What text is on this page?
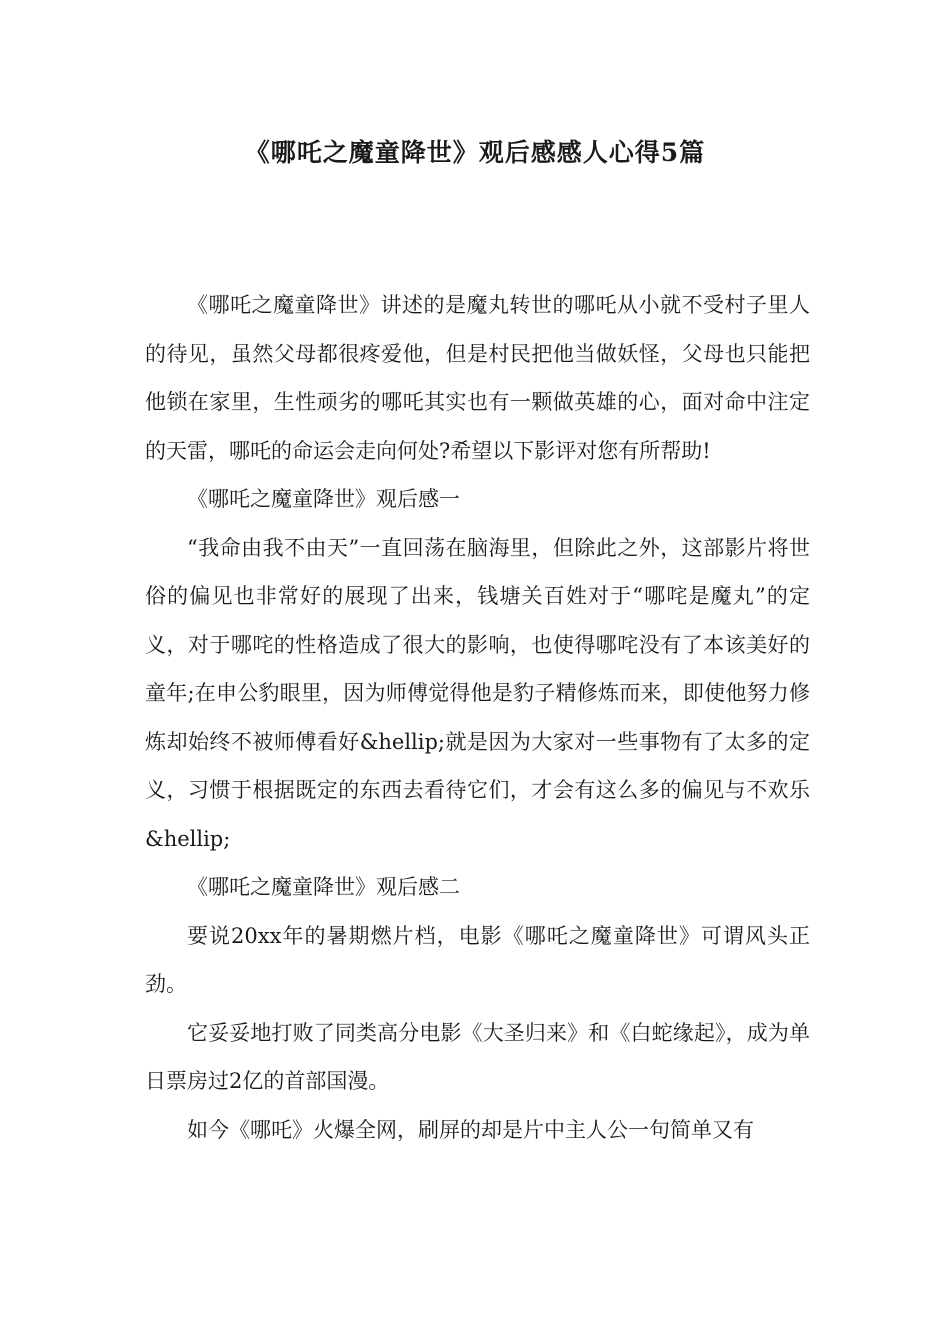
《哪吒之魔童降世》观后感感人心得5篇

《哪吒之魔童降世》讲述的是魔丸转世的哪吒从小就不受村子里人的待见，虽然父母都很疼爱他，但是村民把他当做妖怪，父母也只能把他锁在家里，生性顽劣的哪吒其实也有一颗做英雄的心，面对命中注定的天雷，哪吒的命运会走向何处?希望以下影评对您有所帮助!

《哪吒之魔童降世》观后感一

“我命由我不由天”一直回荡在脑海里，但除此之外，这部影片将世俗的偏见也非常好的展现了出来，钱塘关百姓对于“哪咤是魔丸”的定义，对于哪咤的性格造成了很大的影响，也使得哪咤没有了本该美好的童年;在申公豹眼里，因为师傅觉得他是豹子精修炼而来，即使他努力修炼却始终不被师傅看好&hellip;就是因为大家对一些事物有了太多的定义，习惯于根据既定的东西去看待它们，才会有这么多的偏见与不欢乐&hellip;

《哪吒之魔童降世》观后感二

要说20xx年的暑期燃片档，电影《哪吒之魔童降世》可谓风头正劲。

它妥妥地打败了同类高分电影《大圣归来》和《白蛇缘起》，成为单日票房过2亿的首部国漫。

如今《哪吒》火爆全网，刷屏的却是片中主人公一句简单又有
